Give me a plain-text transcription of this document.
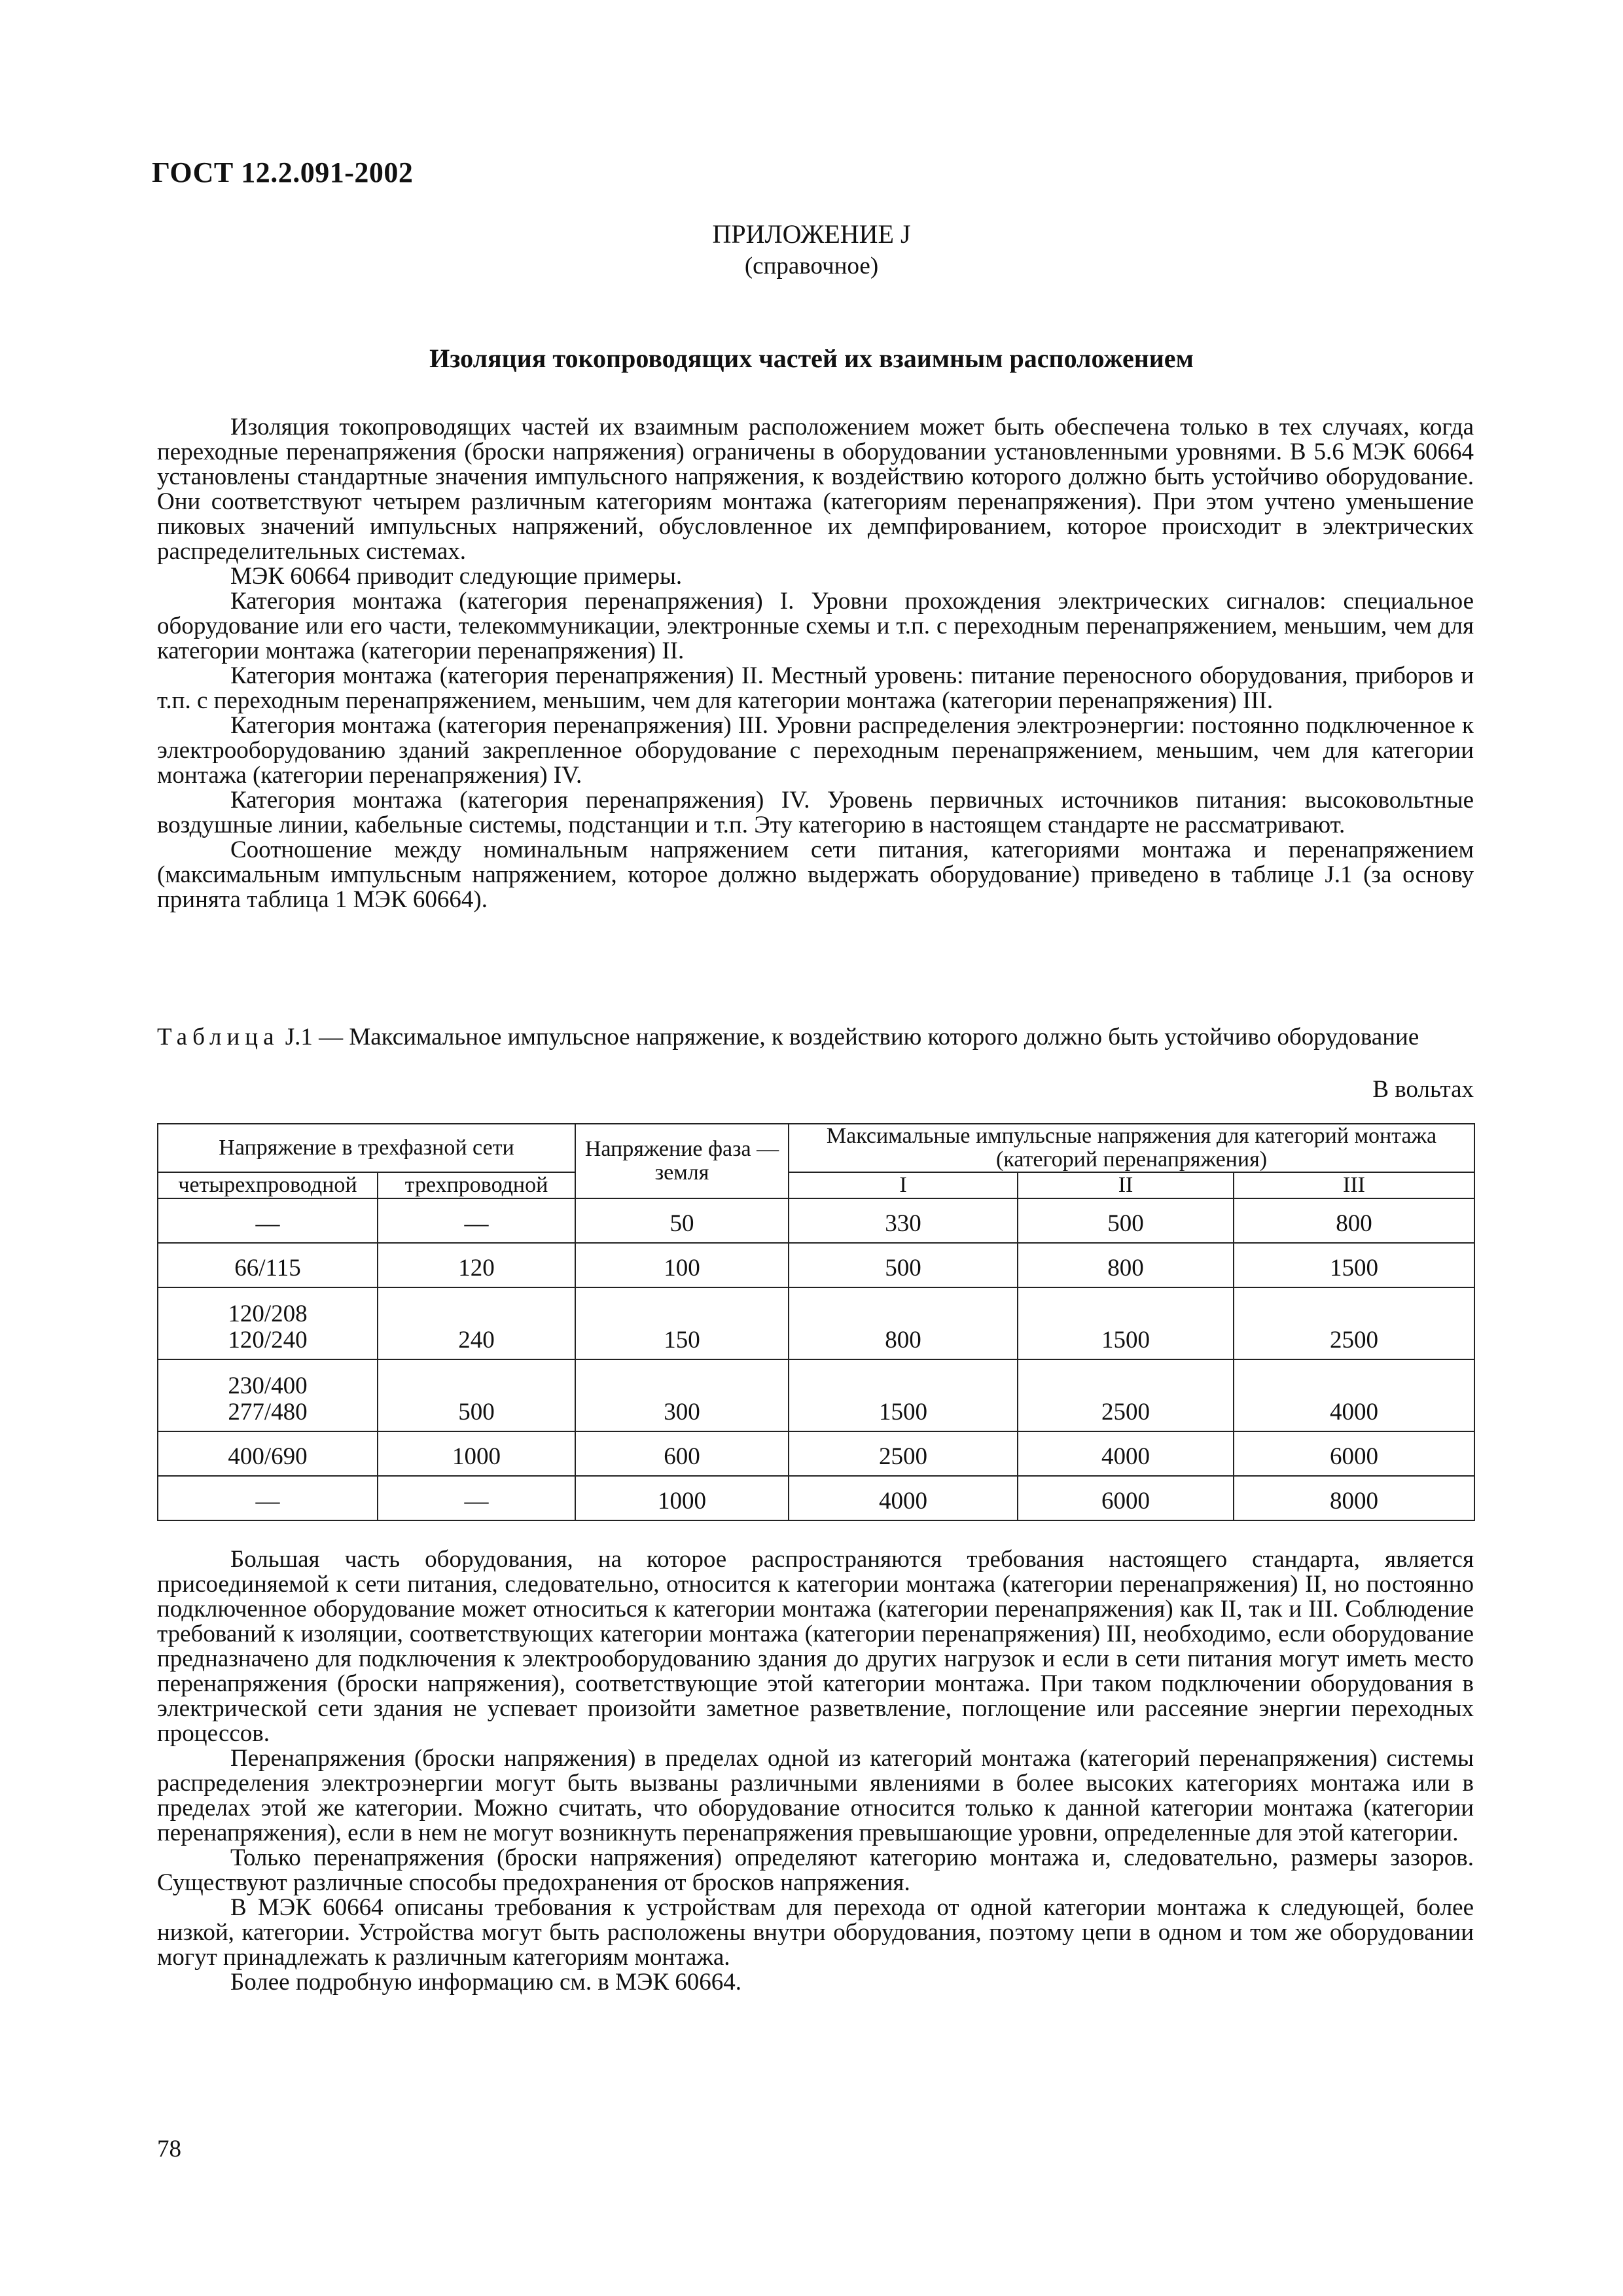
ГОСТ 12.2.091-2002
ПРИЛОЖЕНИЕ J
(справочное)
Изоляция токопроводящих частей их взаимным расположением

Изоляция токопроводящих частей их взаимным расположением может быть обеспечена только в тех случаях, когда переходные перенапряжения (броски напряжения) ограничены в оборудовании установленными уровнями. В 5.6 МЭК 60664 установлены стандартные значения импульсного напряжения, к воздействию которого должно быть устойчиво оборудование. Они соответствуют четырем различным категориям монтажа (категориям перенапряжения). При этом учтено уменьшение пиковых значений импульсных напряжений, обусловленное их демпфированием, которое происходит в электрических распределительных системах.

МЭК 60664 приводит следующие примеры.

Категория монтажа (категория перенапряжения) I. Уровни прохождения электрических сигналов: специальное оборудование или его части, телекоммуникации, электронные схемы и т.п. с переходным перенапряжением, меньшим, чем для категории монтажа (категории перенапряжения) II.

Категория монтажа (категория перенапряжения) II. Местный уровень: питание переносного оборудования, приборов и т.п. с переходным перенапряжением, меньшим, чем для категории монтажа (категории перенапряжения) III.

Категория монтажа (категория перенапряжения) III. Уровни распределения электроэнергии: постоянно подключенное к электрооборудованию зданий закрепленное оборудование с переходным перенапряжением, меньшим, чем для категории монтажа (категории перенапряжения) IV.

Категория монтажа (категория перенапряжения) IV. Уровень первичных источников питания: высоковольтные воздушные линии, кабельные системы, подстанции и т.п. Эту категорию в настоящем стандарте не рассматривают.

Соотношение между номинальным напряжением сети питания, категориями монтажа и перенапряжением (максимальным импульсным напряжением, которое должно выдержать оборудование) приведено в таблице J.1 (за основу принята таблица 1 МЭК 60664).

Таблица J.1 — Максимальное импульсное напряжение, к воздействию которого должно быть устойчиво оборудование
В вольтах
Напряжение в трехфазной сети		Напряжение фаза — земля	Максимальные импульсные напряжения для категорий монтажа (категорий перенапряжения)		
четырехпроводной	трехпроводной		I	II	III

—	—	50	330	500	800

66/115	120	100	500	800	1500

120/208
120/240	240	150	800	1500	2500

230/400
277/480	500	300	1500	2500	4000

400/690	1000	600	2500	4000	6000

—	—	1000	4000	6000	8000

Большая часть оборудования, на которое распространяются требования настоящего стандарта, является присоединяемой к сети питания, следовательно, относится к категории монтажа (категории перенапряжения) II, но постоянно подключенное оборудование может относиться к категории монтажа (категории перенапряжения) как II, так и III. Соблюдение требований к изоляции, соответствующих категории монтажа (категории перенапряжения) III, необходимо, если оборудование предназначено для подключения к электрооборудованию здания до других нагрузок и если в сети питания могут иметь место перенапряжения (броски напряжения), соответствующие этой категории монтажа. При таком подключении оборудования в электрической сети здания не успевает произойти заметное разветвление, поглощение или рассеяние энергии переходных процессов.

Перенапряжения (броски напряжения) в пределах одной из категорий монтажа (категорий перенапряжения) системы распределения электроэнергии могут быть вызваны различными явлениями в более высоких категориях монтажа или в пределах этой же категории. Можно считать, что оборудование относится только к данной категории монтажа (категории перенапряжения), если в нем не могут возникнуть перенапряжения превышающие уровни, определенные для этой категории.

Только перенапряжения (броски напряжения) определяют категорию монтажа и, следовательно, размеры зазоров. Существуют различные способы предохранения от бросков напряжения.

В МЭК 60664 описаны требования к устройствам для перехода от одной категории монтажа к следующей, более низкой, категории. Устройства могут быть расположены внутри оборудования, поэтому цепи в одном и том же оборудовании могут принадлежать к различным категориям монтажа.

Более подробную информацию см. в МЭК 60664.

78
